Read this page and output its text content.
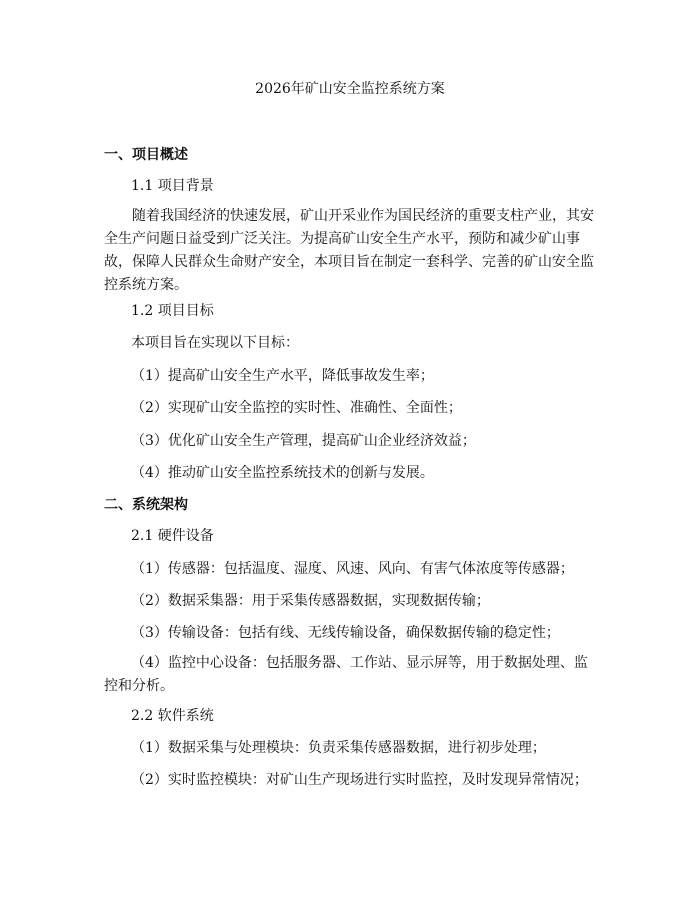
2026年矿山安全监控系统方案
一、项目概述
1.1 项目背景
随着我国经济的快速发展，矿山开采业作为国民经济的重要支柱产业，其安全生产问题日益受到广泛关注。为提高矿山安全生产水平，预防和减少矿山事故，保障人民群众生命财产安全，本项目旨在制定一套科学、完善的矿山安全监控系统方案。
1.2 项目目标
本项目旨在实现以下目标：
（1）提高矿山安全生产水平，降低事故发生率；
（2）实现矿山安全监控的实时性、准确性、全面性；
（3）优化矿山安全生产管理，提高矿山企业经济效益；
（4）推动矿山安全监控系统技术的创新与发展。
二、系统架构
2.1 硬件设备
（1）传感器：包括温度、湿度、风速、风向、有害气体浓度等传感器；
（2）数据采集器：用于采集传感器数据，实现数据传输；
（3）传输设备：包括有线、无线传输设备，确保数据传输的稳定性；
（4）监控中心设备：包括服务器、工作站、显示屏等，用于数据处理、监控和分析。
2.2 软件系统
（1）数据采集与处理模块：负责采集传感器数据，进行初步处理；
（2）实时监控模块：对矿山生产现场进行实时监控，及时发现异常情况；
